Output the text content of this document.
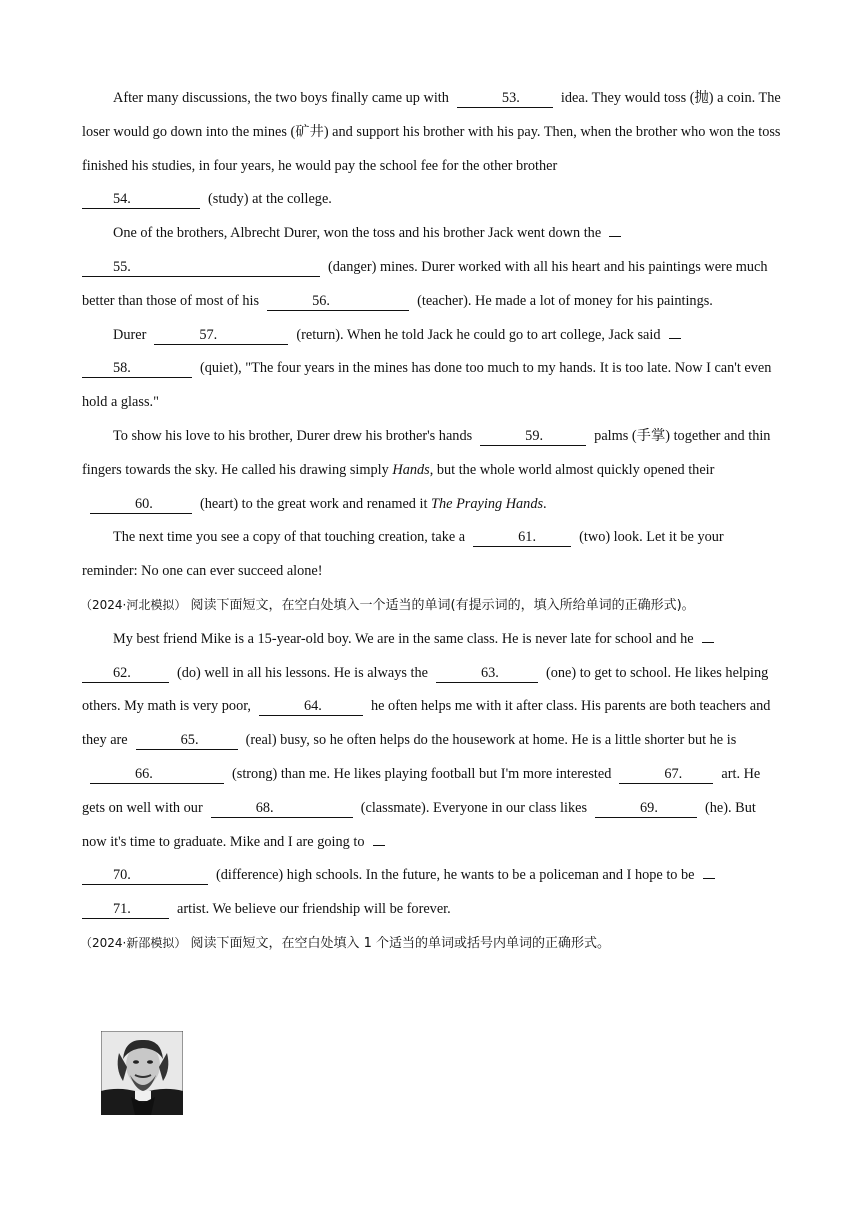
After many discussions, the two boys finally came up with	53.	idea. They would toss (抛) a coin. The loser would go down into the mines (矿井) and support his brother with his pay. Then, when the brother who won the toss finished his studies, in four years, he would pay the school fee for the other brother
54.	(study) at the college.

One of the brothers, Albrecht Durer, won the toss and his brother Jack went down the
55.	(danger) mines. Durer worked with all his heart and his paintings were much better than those of most of his	56.	(teacher). He made a lot of money for his paintings.

Durer	57.	(return). When he told Jack he could go to art college, Jack said
58.	(quiet), "The four years in the mines has done too much to my hands. It is too late. Now I can't even hold a glass."

To show his love to his brother, Durer drew his brother's hands	59.	palms (手掌) together and thin fingers towards the sky. He called his drawing simply Hands, but the whole world almost quickly opened their60.	(heart) to the great work and renamed it The Praying Hands.

The next time you see a copy of that touching creation, take a	61.	(two) look. Let it be your reminder: No one can ever succeed alone!

（2024·河北模拟） 阅读下面短文，在空白处填入一个适当的单词(有提示词的，填入所给单词的正确形式)。

My best friend Mike is a 15-year-old boy. We are in the same class. He is never late for school and he
62.	(do) well in all his lessons. He is always the	63.	(one) to get to school. He likes helping others. My math is very poor,	64.	he often helps me with it after class. His parents are both teachers and they are	65.	(real) busy, so he often helps do the housework at home. He is a little shorter but he is66.	(strong) than me. He likes playing football but I'm more interested	67.	art. He gets on well with our	68.	(classmate). Everyone in our class likes	69.	(he). But now it's time to graduate. Mike and I are going to
70.	(difference) high schools. In the future, he wants to be a policeman and I hope to be
71.	artist. We believe our friendship will be forever.

（2024·新邵模拟） 阅读下面短文，在空白处填入 1 个适当的单词或括号内单词的正确形式。
